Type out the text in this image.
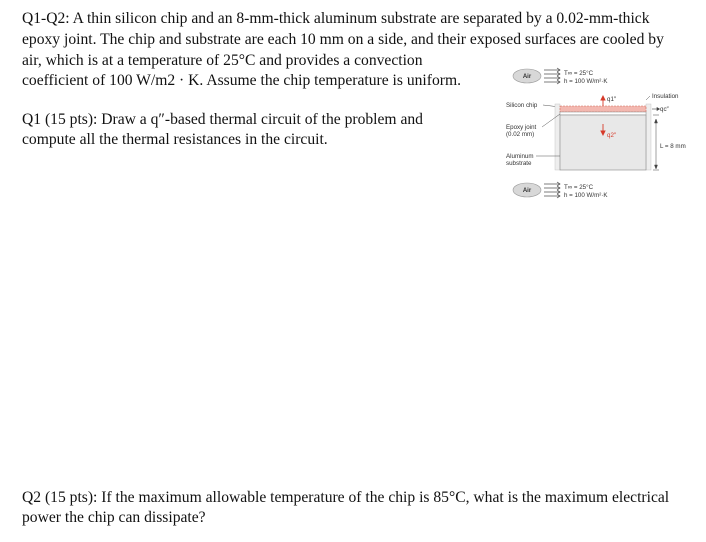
Q1-Q2: A thin silicon chip and an 8-mm-thick aluminum substrate are separated by a 0.02-mm-thick
epoxy joint. The chip and substrate are each 10 mm on a side, and their exposed surfaces are cooled by
air, which is at a temperature of 25°C and provides a convection
coefficient of 100 W/m2 · K. Assume the chip temperature is uniform.
Q1 (15 pts): Draw a q″-based thermal circuit of the problem and
compute all the thermal resistances in the circuit.
Q2 (15 pts): If the maximum allowable temperature of the chip is 85°C, what is the maximum electrical
power the chip can dissipate?
Air	T∞ = 25°C
h = 100 W/m²·K
Insulation
Silicon chip
q1″
q2″
qc″
Epoxy joint
(0.02 mm)
Aluminum
substrate
L = 8 mm
Air	T∞ = 25°C
h = 100 W/m²·K
